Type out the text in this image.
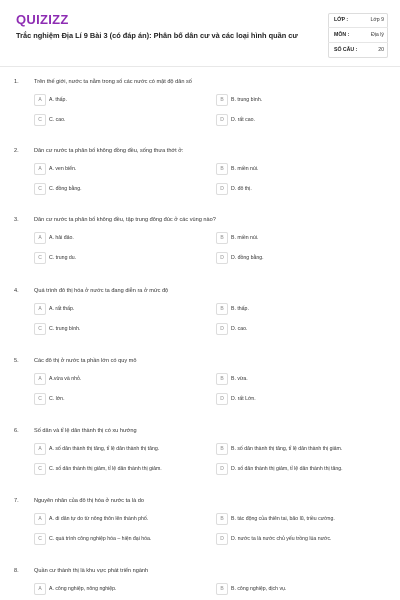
QUIZIZZ
Trắc nghiệm Địa Lí 9 Bài 3 (có đáp án): Phân bố dân cư và các loại hình quần cư
LỚP :	Lớp 9
MÔN :	Địa lý
SỐ CÂU :	20
1.	Trên thế giới, nước ta nằm trong số các nước có mật độ dân số
A	A. thấp.	B	B. trung bình.
C	C. cao.	D	D. rất cao.
2.	Dân cư nước ta phân bố không đồng đều, sống thưa thớt ở:
A	A. ven biển.	B	B. miền núi.
C	C. đồng bằng.	D	D. đô thị.
3.	Dân cư nước ta phân bố không đều, tập trung đông đúc ở các vùng nào?
A	A. hải đảo.	B	B. miền núi.
C	C. trung du.	D	D. đồng bằng.
4.	Quá trình đô thị hóa ở nước ta đang diễn ra ở mức độ
A	A. rất thấp.	B	B. thấp.
C	C. trung bình.	D	D. cao.
5.	Các đô thị ở nước ta phần lớn có quy mô
A	A.vừa và nhỏ.	B	B. vừa.
C	C. lớn.	D	D. rất Lớn.
6.	Số dân và tỉ lệ dân thành thị có xu hướng
A	A. số dân thành thị tăng, tỉ lệ dân thành thị tăng.	B	B. số dân thành thị tăng, tỉ lệ dân thành thị giảm.
C	C. số dân thành thị giảm, tỉ lệ dân thành thị giảm.	D	D. số dân thành thị giảm, tỉ lệ dân thành thị tăng.
7.	Nguyên nhân của đô thị hóa ở nước ta là do
A	A. di dân tự do từ nông thôn lên thành phố.	B	B. tác động của thiên tai, bão lũ, triều cường.
C	C. quá trình công nghiệp hóa – hiện đại hóa.	D	D. nước ta là nước chủ yếu trồng lúa nước.
8.	Quần cư thành thị là khu vực phát triển ngành
A	A. công nghiệp, nông nghiệp.	B	B. công nghiệp, dịch vụ.
